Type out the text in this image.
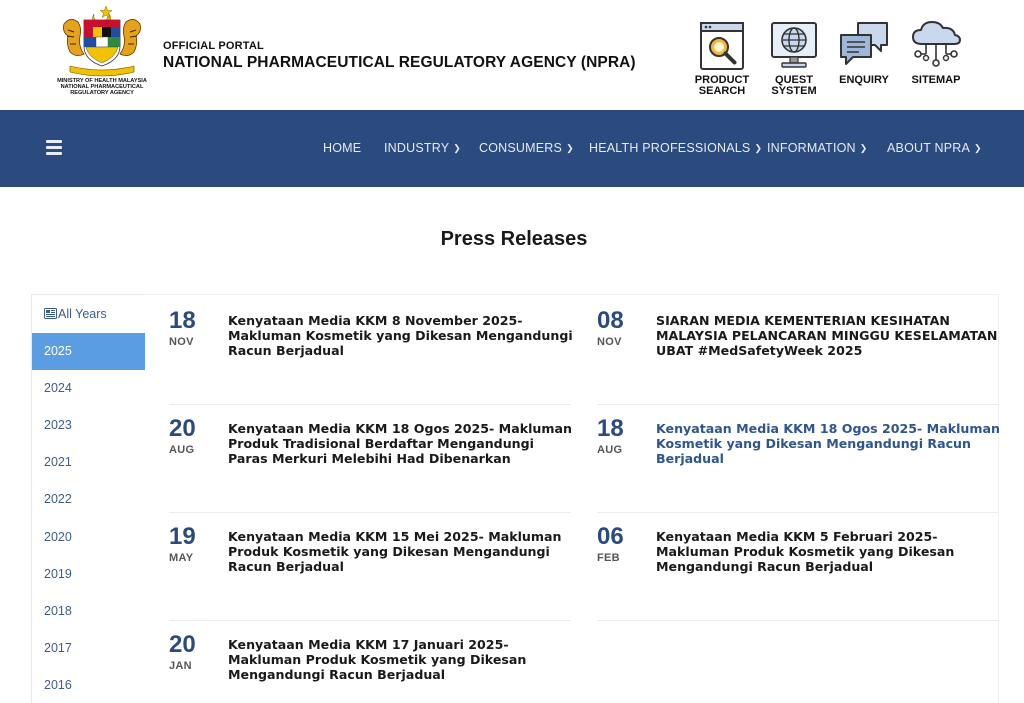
MINISTRY OF HEALTH MALAYSIA NATIONAL PHARMACEUTICAL REGULATORY AGENCY
OFFICIAL PORTAL
NATIONAL PHARMACEUTICAL REGULATORY AGENCY (NPRA)
PRODUCT
SEARCH
QUEST
SYSTEM
ENQUIRY	SITEMAP
HOME INDUSTRY ❯ CONSUMERS ❯ HEALTH PROFESSIONALS ❯ INFORMATION ❯ ABOUT NPRA ❯
Press Releases
All Years
2025
2024
2023
2021
2022
2020
2019
2018
2017
2016
18
NOV
Kenyataan Media KKM 8 November 2025- Makluman Kosmetik yang Dikesan Mengandungi Racun Berjadual
08
NOV
SIARAN MEDIA KEMENTERIAN KESIHATAN MALAYSIA PELANCARAN MINGGU KESELAMATAN UBAT #MedSafetyWeek 2025
20
AUG
Kenyataan Media KKM 18 Ogos 2025- Makluman Produk Tradisional Berdaftar Mengandungi Paras Merkuri Melebihi Had Dibenarkan
18
AUG
Kenyataan Media KKM 18 Ogos 2025- Makluman Kosmetik yang Dikesan Mengandungi Racun Berjadual
19
MAY
Kenyataan Media KKM 15 Mei 2025- Makluman Produk Kosmetik yang Dikesan Mengandungi Racun Berjadual
06
FEB
Kenyataan Media KKM 5 Februari 2025- Makluman Produk Kosmetik yang Dikesan Mengandungi Racun Berjadual
20
JAN
Kenyataan Media KKM 17 Januari 2025- Makluman Produk Kosmetik yang Dikesan Mengandungi Racun Berjadual
